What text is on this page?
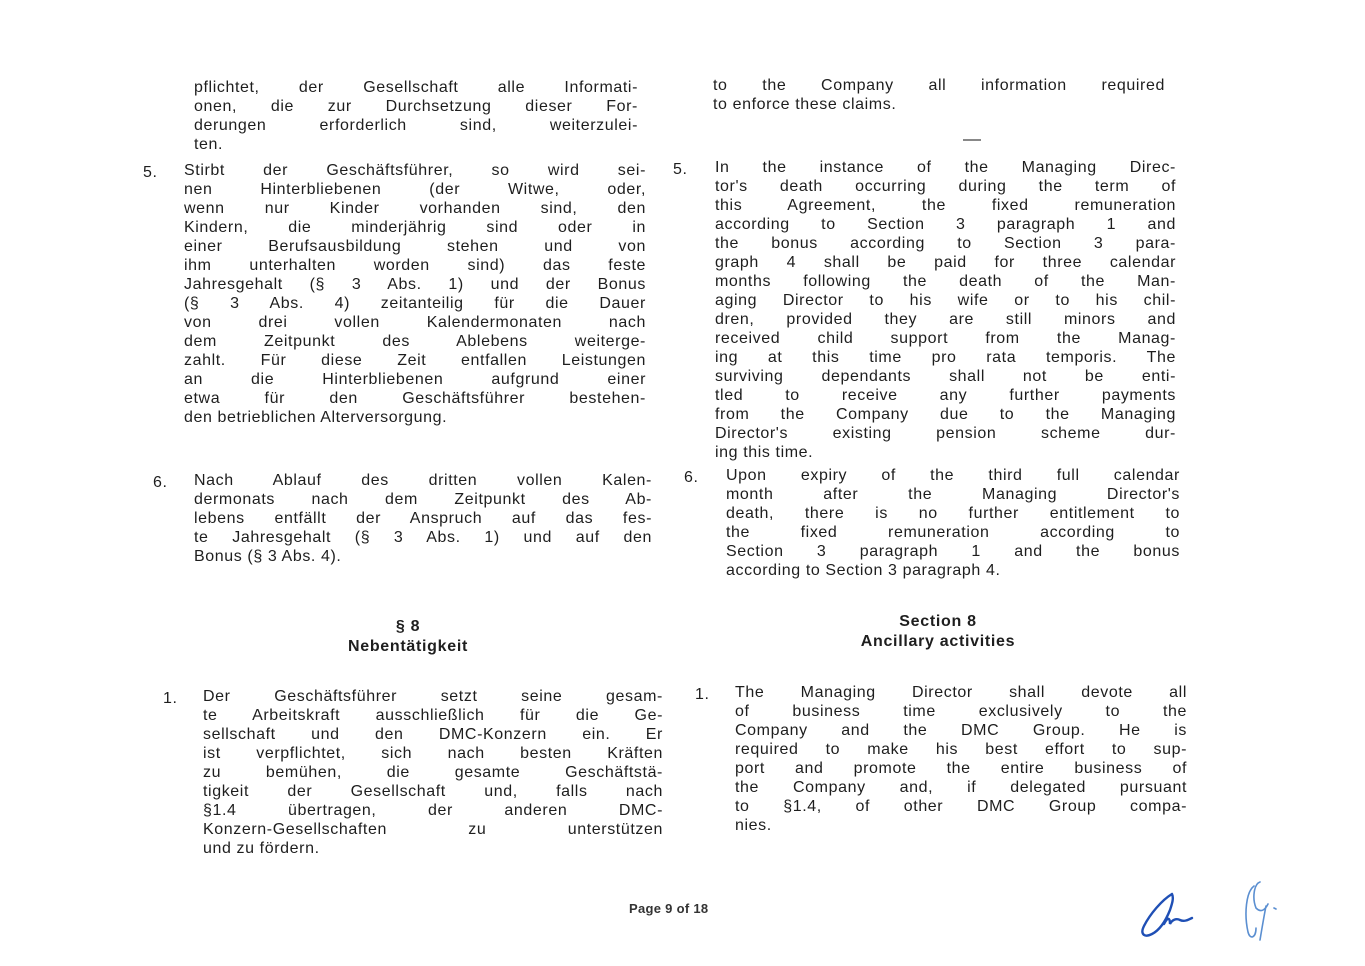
pflichtet, der Gesellschaft alle Informati-
onen, die zur Durchsetzung dieser For-
derungen erforderlich sind, weiterzulei-
ten.
5. Stirbt der Geschäftsführer, so wird sei-
nen Hinterbliebenen (der Witwe, oder,
wenn nur Kinder vorhanden sind, den
Kindern, die minderjährig sind oder in
einer Berufsausbildung stehen und von
ihm unterhalten worden sind) das feste
Jahresgehalt (§ 3 Abs. 1) und der Bonus
(§ 3 Abs. 4) zeitanteilig für die Dauer
von drei vollen Kalendermonaten nach
dem Zeitpunkt des Ablebens weiterge-
zahlt. Für diese Zeit entfallen Leistungen
an die Hinterbliebenen aufgrund einer
etwa für den Geschäftsführer bestehen-
den betrieblichen Alterversorgung.
6. Nach Ablauf des dritten vollen Kalen-
dermonats nach dem Zeitpunkt des Ab-
lebens entfällt der Anspruch auf das fes-
te Jahresgehalt (§ 3 Abs. 1) und auf den
Bonus (§ 3 Abs. 4).
§ 8
Nebentätigkeit
1. Der Geschäftsführer setzt seine gesam-
te Arbeitskraft ausschließlich für die Ge-
sellschaft und den DMC-Konzern ein. Er
ist verpflichtet, sich nach besten Kräften
zu bemühen, die gesamte Geschäftstä-
tigkeit der Gesellschaft und, falls nach
§1.4 übertragen, der anderen DMC-
Konzern-Gesellschaften zu unterstützen
und zu fördern.
to the Company all information required
to enforce these claims.
5. In the instance of the Managing Direc-
tor's death occurring during the term of
this Agreement, the fixed remuneration
according to Section 3 paragraph 1 and
the bonus according to Section 3 para-
graph 4 shall be paid for three calendar
months following the death of the Man-
aging Director to his wife or to his chil-
dren, provided they are still minors and
received child support from the Manag-
ing at this time pro rata temporis. The
surviving dependants shall not be enti-
tled to receive any further payments
from the Company due to the Managing
Director's existing pension scheme dur-
ing this time.
6. Upon expiry of the third full calendar
month after the Managing Director's
death, there is no further entitlement to
the fixed remuneration according to
Section 3 paragraph 1 and the bonus
according to Section 3 paragraph 4.
Section 8
Ancillary activities
1. The Managing Director shall devote all
of business time exclusively to the
Company and the DMC Group. He is
required to make his best effort to sup-
port and promote the entire business of
the Company and, if delegated pursuant
to §1.4, of other DMC Group compa-
nies.
Page 9 of 18
